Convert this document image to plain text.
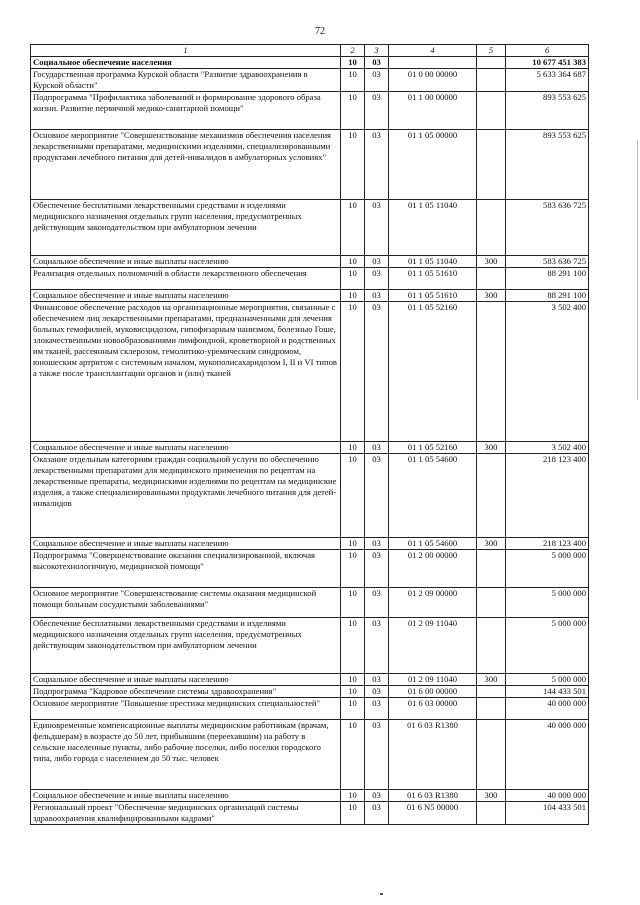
72
1	2	3	4	5	6
Социальное обеспечение населения	10	03			10 677 451 383
Государственная программа Курской области "Развитие здравоохранения в Курской области"	10	03	01 0 00 00000		5 633 364 687
Подпрограмма "Профилактика заболеваний и формирование здорового образа жизни. Развитие первичной медико-санитарной помощи"	10	03	01 1 00 00000		893 553 625
Основное мероприятие "Совершенствование механизмов обеспечения населения лекарственными препаратами, медицинскими изделиями, специализированными продуктами лечебного питания для детей-инвалидов в амбулаторных условиях"	10	03	01 1 05 00000		893 553 625
Обеспечение бесплатными лекарственными средствами и изделиями медицинского назначения отдельных групп населения, предусмотренных действующим законодательством при амбулаторном лечении	10	03	01 1 05 11040		583 636 725
Социальное обеспечение и иные выплаты населению	10	03	01 1 05 11040	300	583 636 725
Реализация отдельных полномочий в области лекарственного обеспечения	10	03	01 1 05 51610		88 291 100
Социальное обеспечение и иные выплаты населению	10	03	01 1 05 51610	300	88 291 100
Финансовое обеспечение расходов на организационные мероприятия, связанные с обеспечением лиц лекарственными препаратами, предназначенными для лечения больных гемофилией, муковисцидозом, гипофизарным нанизмом, болезнью Гоше, злокачественными новообразованиями лимфоидной, кроветворной и родственных им тканей, рассеянным склерозом, гемолитико-уремическим синдромом, юношеским артритом с системным началом, мукополисахаридозом I, II и VI типов а также после трансплантации органов и (или) тканей	10	03	01 1 05 52160		3 502 400
Социальное обеспечение и иные выплаты населению	10	03	01 1 05 52160	300	3 502 400
Оказание отдельным категориям граждан социальной услуги по обеспечению лекарственными препаратами для медицинского применения по рецептам на лекарственные препараты, медицинскими изделиями по рецептам на медицинские изделия, а также специализированными продуктами лечебного питания для детей-инвалидов	10	03	01 1 05 54600		218 123 400
Социальное обеспечение и иные выплаты населению	10	03	01 1 05 54600	300	218 123 400
Подпрограмма "Совершенствование оказания специализированной, включая высокотехнологичную, медицинской помощи"	10	03	01 2 00 00000		5 000 000
Основное мероприятие "Совершенствование системы оказания медицинской помощи больным сосудистыми заболеваниями"	10	03	01 2 09 00000		5 000 000
Обеспечение бесплатными лекарственными средствами и изделиями медицинского назначения отдельных групп населения, предусмотренных действующим законодательством при амбулаторном лечении	10	03	01 2 09 11040		5 000 000
Социальное обеспечение и иные выплаты населению	10	03	01 2 09 11040	300	5 000 000
Подпрограмма "Кадровое обеспечение системы здравоохранения"	10	03	01 6 00 00000		144 433 501
Основное мероприятие "Повышение престижа медицинских специальностей"	10	03	01 6 03 00000		40 000 000
Единовременные компенсационные выплаты медицинским работникам (врачам, фельдшерам) в возрасте до 50 лет, прибывшим (переехавшим) на работу в сельские населенные пункты, либо рабочие поселки, либо поселки городского типа, либо города с населением до 50 тыс. человек	10	03	01 6 03 R1380		40 000 000
Социальное обеспечение и иные выплаты населению	10	03	01 6 03 R1380	300	40 000 000
Региональный проект "Обеспечение медицинских организаций системы здравоохранения квалифицированными кадрами"	10	03	01 6 N5 00000		104 433 501
